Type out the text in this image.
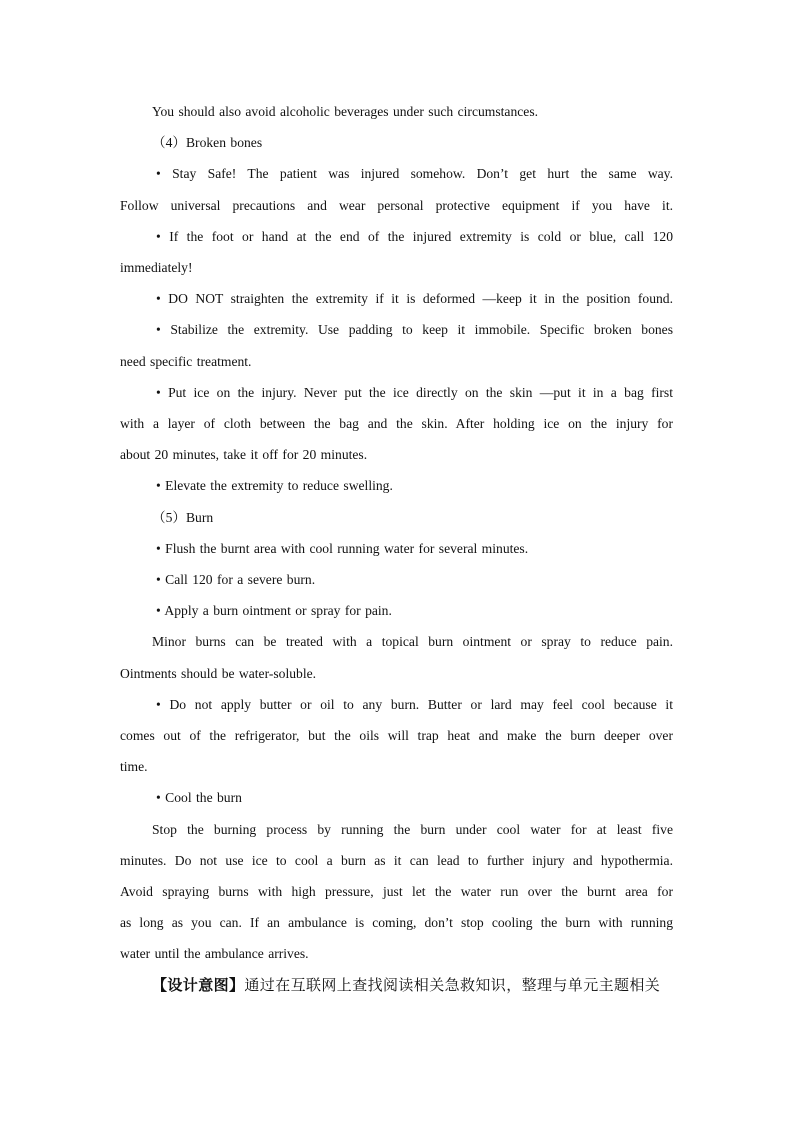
You should also avoid alcoholic beverages under such circumstances.
（4）Broken bones
• Stay Safe! The patient was injured somehow. Don’t get hurt the same way.
Follow universal precautions and wear personal protective equipment if you have it.
• If the foot or hand at the end of the injured extremity is cold or blue, call 120
immediately!
• DO NOT straighten the extremity if it is deformed —keep it in the position found.
• Stabilize the extremity. Use padding to keep it immobile. Specific broken bones
need specific treatment.
• Put ice on the injury. Never put the ice directly on the skin —put it in a bag first
with a layer of cloth between the bag and the skin. After holding ice on the injury for
about 20 minutes, take it off for 20 minutes.
• Elevate the extremity to reduce swelling.
（5）Burn
• Flush the burnt area with cool running water for several minutes.
• Call 120 for a severe burn.
• Apply a burn ointment or spray for pain.
Minor burns can be treated with a topical burn ointment or spray to reduce pain.
Ointments should be water-soluble.
• Do not apply butter or oil to any burn. Butter or lard may feel cool because it
comes out of the refrigerator, but the oils will trap heat and make the burn deeper over
time.
• Cool the burn
Stop the burning process by running the burn under cool water for at least five
minutes. Do not use ice to cool a burn as it can lead to further injury and hypothermia.
Avoid spraying burns with high pressure, just let the water run over the burnt area for
as long as you can. If an ambulance is coming, don’t stop cooling the burn with running
water until the ambulance arrives.
【设计意图】通过在互联网上查找阅读相关急救知识，整理与单元主题相关
